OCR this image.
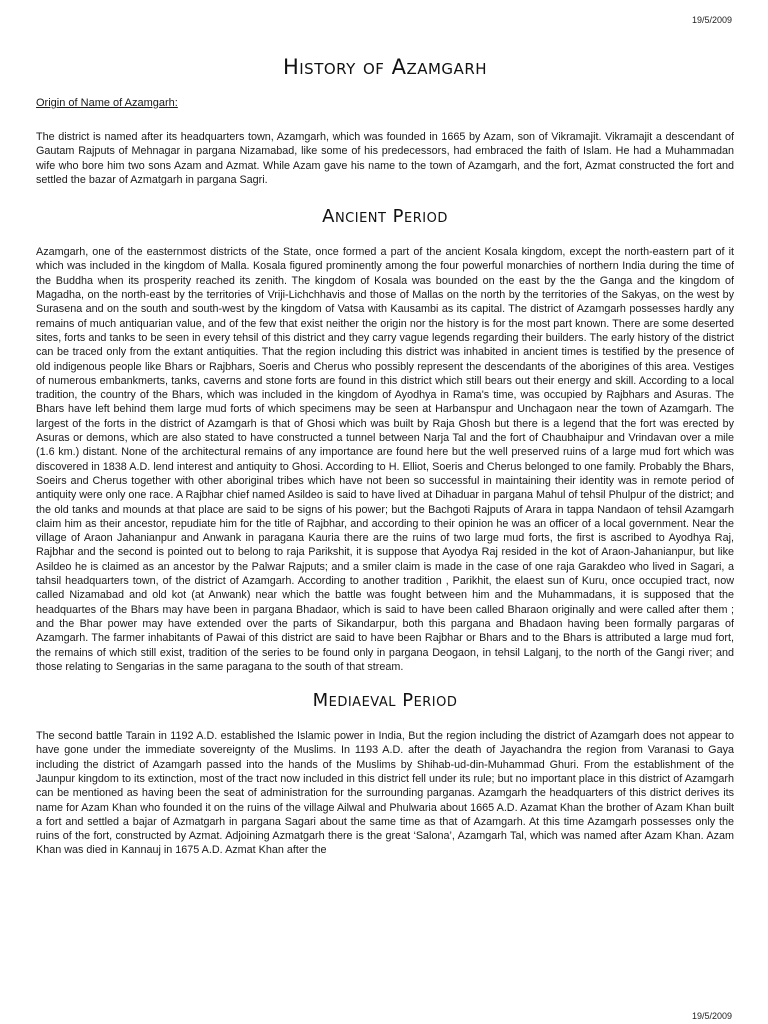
19/5/2009
History of Azamgarh
Origin of Name of Azamgarh:

The district is named after its headquarters town, Azamgarh, which was founded in 1665 by Azam, son of Vikramajit. Vikramajit a descendant of Gautam Rajputs of Mehnagar in pargana Nizamabad, like some of his predecessors, had embraced the faith of Islam. He had a Muhammadan wife who bore him two sons Azam and Azmat. While Azam gave his name to the town of Azamgarh, and the fort, Azmat constructed the fort and settled the bazar of Azmatgarh in pargana Sagri.

Ancient Period

Azamgarh, one of the easternmost districts of the State, once formed a part of the ancient Kosala kingdom, except the north-eastern part of it which was included in the kingdom of Malla. Kosala figured prominently among the four powerful monarchies of northern India during the time of the Buddha when its prosperity reached its zenith. The kingdom of Kosala was bounded on the east by the the Ganga and the kingdom of Magadha, on the north-east by the territories of Vriji-Lichchhavis and those of Mallas on the north by the territories of the Sakyas, on the west by Surasena and on the south and south-west by the kingdom of Vatsa with Kausambi as its capital. The district of Azamgarh possesses hardly any remains of much antiquarian value, and of the few that exist neither the origin nor the history is for the most part known. There are some deserted sites, forts and tanks to be seen in every tehsil of this district and they carry vague legends regarding their builders. The early history of the district can be traced only from the extant antiquities. That the region including this district was inhabited in ancient times is testified by the presence of old indigenous people like Bhars or Rajbhars, Soeris and Cherus who possibly represent the descendants of the aborigines of this area. Vestiges of numerous embankmerts, tanks, caverns and stone forts are found in this district which still bears out their energy and skill. According to a local tradition, the country of the Bhars, which was included in the kingdom of Ayodhya in Rama's time, was occupied by Rajbhars and Asuras. The Bhars have left behind them large mud forts of which specimens may be seen at Harbanspur and Unchagaon near the town of Azamgarh. The largest of the forts in the district of Azamgarh is that of Ghosi which was built by Raja Ghosh but there is a legend that the fort was erected by Asuras or demons, which are also stated to have constructed a tunnel between Narja Tal and the fort of Chaubhaipur and Vrindavan over a mile (1.6 km.) distant. None of the architectural remains of any importance are found here but the well preserved ruins of a large mud fort which was discovered in 1838 A.D. lend interest and antiquity to Ghosi. According to H. Elliot, Soeris and Cherus belonged to one family. Probably the Bhars, Soeirs and Cherus together with other aboriginal tribes which have not been so successful in maintaining their identity was in remote period of antiquity were only one race. A Rajbhar chief named Asildeo is said to have lived at Dihaduar in pargana Mahul of tehsil Phulpur of the district; and the old tanks and mounds at that place are said to be signs of his power; but the Bachgoti Rajputs of Arara in tappa Nandaon of tehsil Azamgarh claim him as their ancestor, repudiate him for the title of Rajbhar, and according to their opinion he was an officer of a local government. Near the village of Araon Jahanianpur and Anwank in paragana Kauria there are the ruins of two large mud forts, the first is ascribed to Ayodhya Raj, Rajbhar and the second is pointed out to belong to raja Parikshit, it is suppose that Ayodya Raj resided in the kot of Araon-Jahanianpur, but like Asildeo he is claimed as an ancestor by the Palwar Rajputs; and a smiler claim is made in the case of one raja Garakdeo who lived in Sagari, a tahsil headquarters town, of the district of Azamgarh. According to another tradition , Parikhit, the elaest sun of Kuru, once occupied tract, now called Nizamabad and old kot (at Anwank) near which the battle was fought between him and the Muhammadans, it is supposed that the headquartes of the Bhars may have been in pargana Bhadaor, which is said to have been called Bharaon originally and were called after them ; and the Bhar power may have extended over the parts of Sikandarpur, both this pargana and Bhadaon having been formally pargaras of Azamgarh. The farmer inhabitants of Pawai of this district are said to have been Rajbhar or Bhars and to the Bhars is attributed a large mud fort, the remains of which still exist, tradition of the series to be found only in pargana Deogaon, in tehsil Lalganj, to the north of the Gangi river; and those relating to Sengarias in the same paragana to the south of that stream.

Mediaeval Period

The second battle Tarain in 1192 A.D. established the Islamic power in India, But the region including the district of Azamgarh does not appear to have gone under the immediate sovereignty of the Muslims. In 1193 A.D. after the death of Jayachandra the region from Varanasi to Gaya including the district of Azamgarh passed into the hands of the Muslims by Shihab-ud-din-Muhammad Ghuri. From the establishment of the Jaunpur kingdom to its extinction, most of the tract now included in this district fell under its rule; but no important place in this district of Azamgarh can be mentioned as having been the seat of administration for the surrounding parganas. Azamgarh the headquarters of this district derives its name for Azam Khan who founded it on the ruins of the village Ailwal and Phulwaria about 1665 A.D. Azamat Khan the brother of Azam Khan built a fort and settled a bajar of Azmatgarh in pargana Sagari about the same time as that of Azamgarh. At this time Azamgarh possesses only the ruins of the fort, constructed by Azmat. Adjoining Azmatgarh there is the great ‘Salona’, Azamgarh Tal, which was named after Azam Khan. Azam Khan was died in Kannauj in 1675 A.D. Azmat Khan after the

19/5/2009
